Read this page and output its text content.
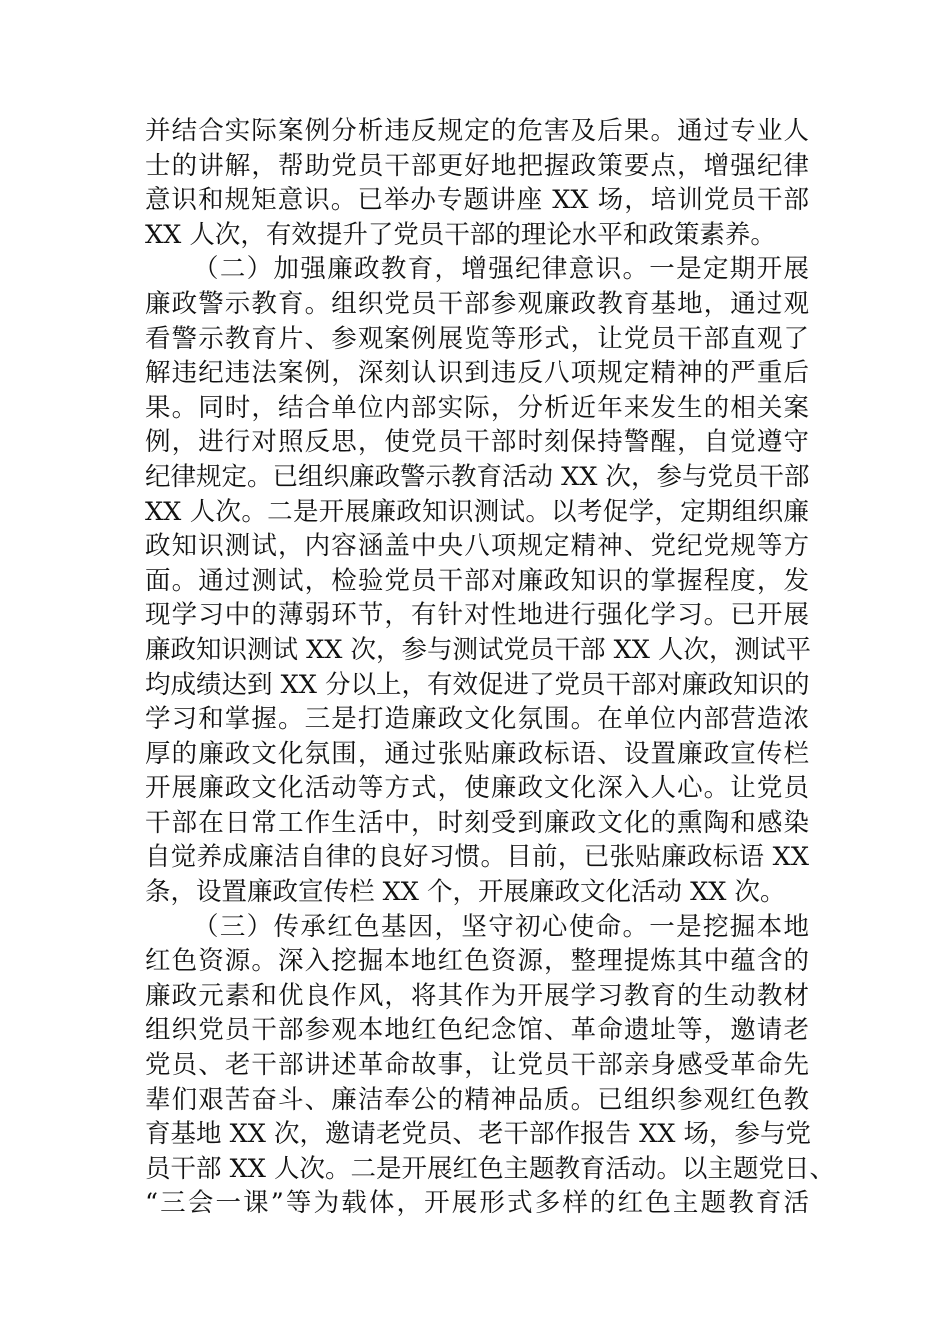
并结合实际案例分析违反规定的危害及后果。通过专业人
士的讲解，帮助党员干部更好地把握政策要点，增强纪律
意识和规矩意识。已举办专题讲座 XX 场，培训党员干部
XX 人次，有效提升了党员干部的理论水平和政策素养。
（二）加强廉政教育，增强纪律意识。一是定期开展
廉政警示教育。组织党员干部参观廉政教育基地，通过观
看警示教育片、参观案例展览等形式，让党员干部直观了
解违纪违法案例，深刻认识到违反八项规定精神的严重后
果。同时，结合单位内部实际，分析近年来发生的相关案
例，进行对照反思，使党员干部时刻保持警醒，自觉遵守
纪律规定。已组织廉政警示教育活动 XX 次，参与党员干部
XX 人次。二是开展廉政知识测试。以考促学，定期组织廉
政知识测试，内容涵盖中央八项规定精神、党纪党规等方
面。通过测试，检验党员干部对廉政知识的掌握程度，发
现学习中的薄弱环节，有针对性地进行强化学习。已开展
廉政知识测试 XX 次，参与测试党员干部 XX 人次，测试平
均成绩达到 XX 分以上，有效促进了党员干部对廉政知识的
学习和掌握。三是打造廉政文化氛围。在单位内部营造浓
厚的廉政文化氛围，通过张贴廉政标语、设置廉政宣传栏
开展廉政文化活动等方式，使廉政文化深入人心。让党员
干部在日常工作生活中，时刻受到廉政文化的熏陶和感染
自觉养成廉洁自律的良好习惯。目前，已张贴廉政标语 XX
条，设置廉政宣传栏 XX 个，开展廉政文化活动 XX 次。
（三）传承红色基因，坚守初心使命。一是挖掘本地
红色资源。深入挖掘本地红色资源，整理提炼其中蕴含的
廉政元素和优良作风，将其作为开展学习教育的生动教材
组织党员干部参观本地红色纪念馆、革命遗址等，邀请老
党员、老干部讲述革命故事，让党员干部亲身感受革命先
辈们艰苦奋斗、廉洁奉公的精神品质。已组织参观红色教
育基地 XX 次，邀请老党员、老干部作报告 XX 场，参与党
员干部 XX 人次。二是开展红色主题教育活动。以主题党日、
“三会一课”等为载体，开展形式多样的红色主题教育活
